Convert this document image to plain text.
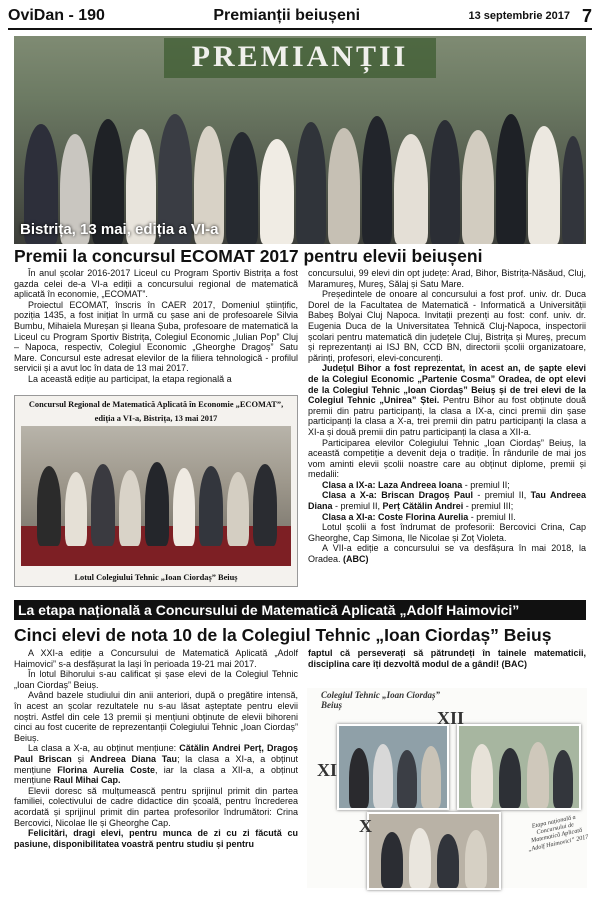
OviDan - 190	Premianții beiușeni	13 septembrie 2017 7
PREMIANȚII
Bistrița, 13 mai, ediția a VI-a
Premii la concursul ECOMAT 2017 pentru elevii beiușeni

În anul școlar 2016-2017 Liceul cu Program Sportiv Bistrița a fost gazda celei de-a VI-a ediții a concursului regional de matematică aplicată în economie, „ECOMAT”.

Proiectul ECOMAT, înscris în CAER 2017, Domeniul științific, poziția 1435, a fost inițiat în urmă cu șase ani de profesoarele Silvia Bumbu, Mihaiela Mureșan și Ileana Șuba, profesoare de matematică la Liceul cu Program Sportiv Bistrița, Colegiul Economic „Iulian Pop” Cluj – Napoca, respectiv, Colegiul Economic „Gheorghe Dragoș” Satu Mare. Concursul este adresat elevilor de la filiera tehnologică - profilul servicii și a avut loc în data de 13 mai 2017.

La această ediție au participat, la etapa regională a

Concursul Regional de Matematică Aplicată în Economie „ECOMAT”,
ediția a VI-a, Bistrița, 13 mai 2017
Lotul Colegiului Tehnic „Ioan Ciordaș” Beiuș

concursului, 99 elevi din opt județe: Arad, Bihor, Bistrița-Năsăud, Cluj, Maramureș, Mureș, Sălaj și Satu Mare.

Președintele de onoare al concursului a fost prof. univ. dr. Duca Dorel de la Facultatea de Matematică - Informatică a Universității Babeș Bolyai Cluj Napoca. Invitații prezenți au fost: conf. univ. dr. Eugenia Duca de la Universitatea Tehnică Cluj-Napoca, inspectorii școlari pentru matematică din județele Cluj, Bistrița și Mureș, precum și reprezentanți ai ISJ BN, CCD BN, directorii școlii organizatoare, părinți, profesori, elevi-concurenți.

Județul Bihor a fost reprezentat, în acest an, de șapte elevi de la Colegiul Economic „Partenie Cosma” Oradea, de opt elevi de la Colegiul Tehnic „Ioan Ciordaș” Beiuș și de trei elevi de la Colegiul Tehnic „Unirea” Ștei. Pentru Bihor au fost obținute două premii din patru participanți, la clasa a IX-a, cinci premii din șase participanți la clasa a X-a, trei premii din patru participanți la clasa a XI-a și două premii din patru participanți la clasa a XII-a.

Participarea elevilor Colegiului Tehnic „Ioan Ciordaș” Beiuș, la această competiție a devenit deja o tradiție. În rândurile de mai jos vom aminti elevii școlii noastre care au obținut diplome, premii și medalii:

Clasa a IX-a: Laza Andreea Ioana - premiul II;

Clasa a X-a: Briscan Dragoș Paul - premiul II, Tau Andreea Diana - premiul II, Perț Cătălin Andrei - premiul III;

Clasa a XI-a: Coste Florina Aurelia - premiul II.

Lotul școlii a fost îndrumat de profesorii: Bercovici Crina, Cap Gheorghe, Cap Simona, Ile Nicolae și Zoț Violeta.

A VII-a ediție a concursului se va desfășura în mai 2018, la Oradea. (ABC)

La etapa națională a Concursului de Matematică Aplicată „Adolf Haimovici”
Cinci elevi de nota 10 de la Colegiul Tehnic „Ioan Ciordaș” Beiuș

A XXI-a ediție a Concursului de Matematică Aplicată „Adolf Haimovici” s-a desfășurat la Iași în perioada 19-21 mai 2017.

În lotul Bihorului s-au calificat și șase elevi de la Colegiul Tehnic „Ioan Ciordaș” Beiuș.

Având bazele studiului din anii anteriori, după o pregătire intensă, în acest an școlar rezultatele nu s-au lăsat așteptate pentru elevii noștri. Astfel din cele 13 premii și mențiuni obținute de elevii bihoreni cinci au fost cucerite de reprezentanții Colegiului Tehnic „Ioan Ciordaș” Beiuș.

La clasa a X-a, au obținut mențiune: Cătălin Andrei Perț, Dragoș Paul Briscan și Andreea Diana Tau; la clasa a XI-a, a obținut mențiune Florina Aurelia Coste, iar la clasa a XII-a, a obținut mențiune Raul Mihai Cap.

Elevii doresc să mulțumească pentru sprijinul primit din partea familiei, colectivului de cadre didactice din școală, pentru încrederea acordată și sprijinul primit din partea profesorilor îndrumători: Crina Bercovici, Nicolae Ile și Gheorghe Cap.

Felicitări, dragi elevi, pentru munca de zi cu zi făcută cu pasiune, disponibilitatea voastră pentru studiu și pentru

faptul că perseverați să pătrundeți în tainele matematicii, disciplina care îți dezvoltă modul de a gândi! (BAC)

Colegiul Tehnic „Ioan Ciordaș” Beiuș
XI
XII
X	Etapa națională a Concursului de Matematică Aplicată „Adolf Haimovici” 2017
